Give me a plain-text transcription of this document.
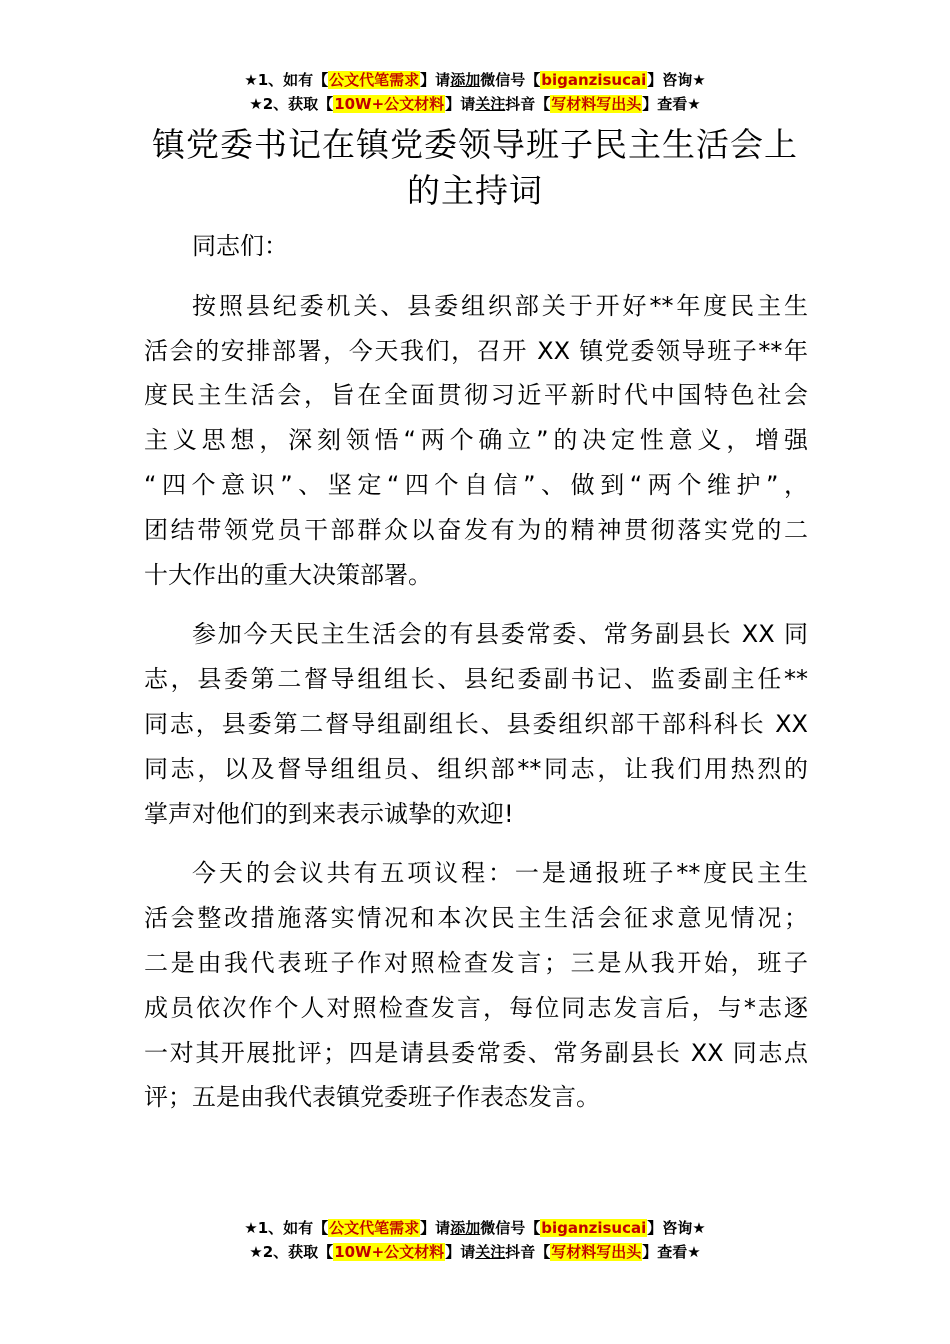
★1、如有【公文代笔需求】请添加微信号【biganzisucai】咨询★
★2、获取【10W+公文材料】请关注抖音【写材料写出头】查看★
镇党委书记在镇党委领导班子民主生活会上
的主持词
同志们：
按照县纪委机关、县委组织部关于开好**年度民主生
活会的安排部署，今天我们，召开 XX 镇党委领导班子**年
度民主生活会，旨在全面贯彻习近平新时代中国特色社会
主义思想，深刻领悟“两个确立”的决定性意义，增强
“四个意识”、坚定“四个自信”、做到“两个维护”，
团结带领党员干部群众以奋发有为的精神贯彻落实党的二
十大作出的重大决策部署。
参加今天民主生活会的有县委常委、常务副县长 XX 同
志，县委第二督导组组长、县纪委副书记、监委副主任**
同志，县委第二督导组副组长、县委组织部干部科科长 XX
同志，以及督导组组员、组织部**同志，让我们用热烈的
掌声对他们的到来表示诚挚的欢迎!
今天的会议共有五项议程：一是通报班子**度民主生
活会整改措施落实情况和本次民主生活会征求意见情况；
二是由我代表班子作对照检查发言；三是从我开始，班子
成员依次作个人对照检查发言，每位同志发言后，与*志逐
一对其开展批评；四是请县委常委、常务副县长 XX 同志点
评；五是由我代表镇党委班子作表态发言。
★1、如有【公文代笔需求】请添加微信号【biganzisucai】咨询★
★2、获取【10W+公文材料】请关注抖音【写材料写出头】查看★
